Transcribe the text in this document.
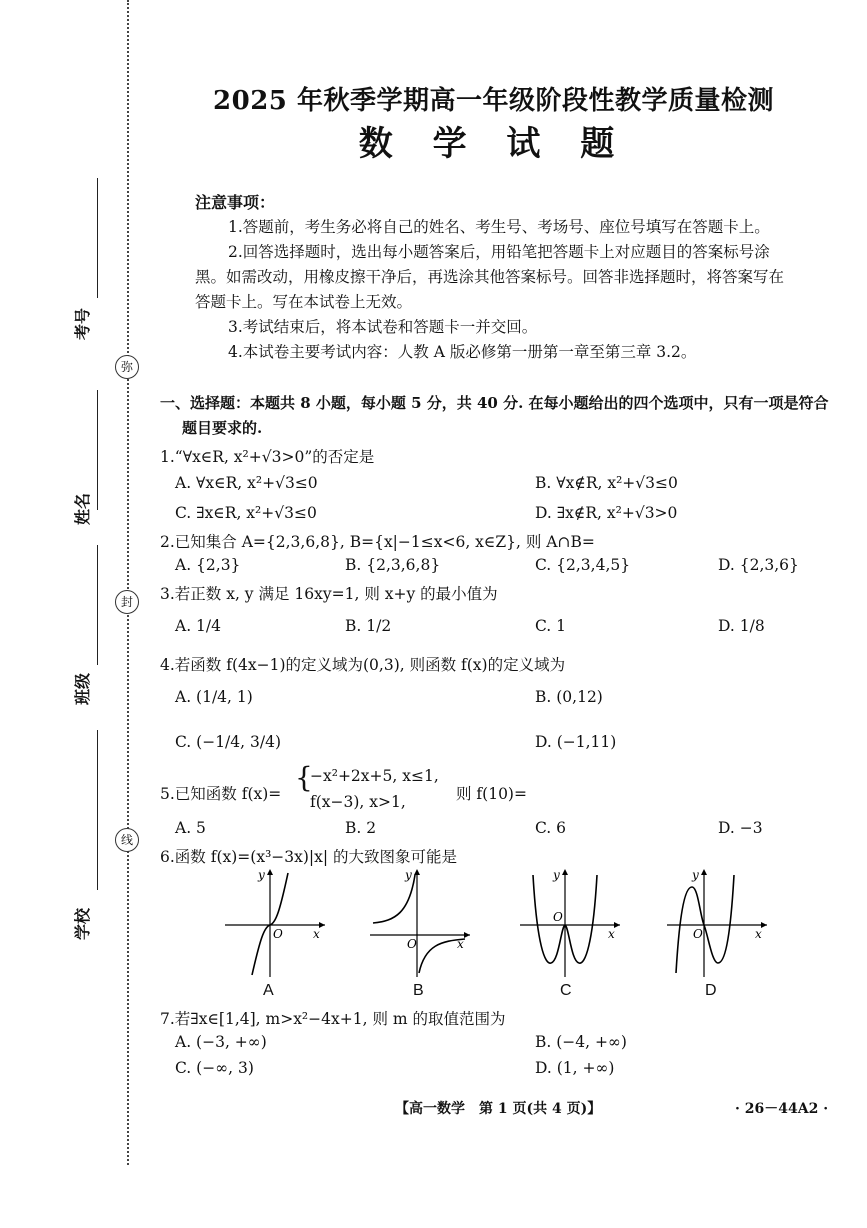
弥
封
线
考号
姓名
班级
学校
2025 年秋季学期高一年级阶段性教学质量检测
数 学 试 题
注意事项：
1.答题前，考生务必将自己的姓名、考生号、考场号、座位号填写在答题卡上。
2.回答选择题时，选出每小题答案后，用铅笔把答题卡上对应题目的答案标号涂
黑。如需改动，用橡皮擦干净后，再选涂其他答案标号。回答非选择题时，将答案写在
答题卡上。写在本试卷上无效。
3.考试结束后，将本试卷和答题卡一并交回。
4.本试卷主要考试内容：人教 A 版必修第一册第一章至第三章 3.2。
一、选择题：本题共 8 小题，每小题 5 分，共 40 分. 在每小题给出的四个选项中，只有一项是符合
题目要求的.
1.“∀x∈R, x²+√3>0”的否定是
A. ∀x∈R, x²+√3≤0	B. ∀x∉R, x²+√3≤0
C. ∃x∈R, x²+√3≤0	D. ∃x∉R, x²+√3>0
2.已知集合 A={2,3,6,8}, B={x|−1≤x<6, x∈Z}, 则 A∩B=
A. {2,3}	B. {2,3,6,8}	C. {2,3,4,5}	D. {2,3,6}
3.若正数 x, y 满足 16xy=1, 则 x+y 的最小值为
A. 1/4	B. 1/2	C. 1	D. 1/8
4.若函数 f(4x−1)的定义域为(0,3), 则函数 f(x)的定义域为
A. (1/4, 1)	B. (0,12)
C. (−1/4, 3/4)	D. (−1,11)
5.已知函数 f(x)= {
−x²+2x+5, x≤1,
f(x−3), x>1,	则 f(10)=
A. 5	B. 2	C. 6	D. −3
6.函数 f(x)=(x³−3x)|x| 的大致图象可能是
y
x
O
y
x
O
y
x
O
y
x
O
A	B	C	D
7.若∃x∈[1,4], m>x²−4x+1, 则 m 的取值范围为
A. (−3, +∞)	B. (−4, +∞)
C. (−∞, 3)	D. (1, +∞)
【高一数学　第 1 页(共 4 页)】	· 26－44A2 ·
